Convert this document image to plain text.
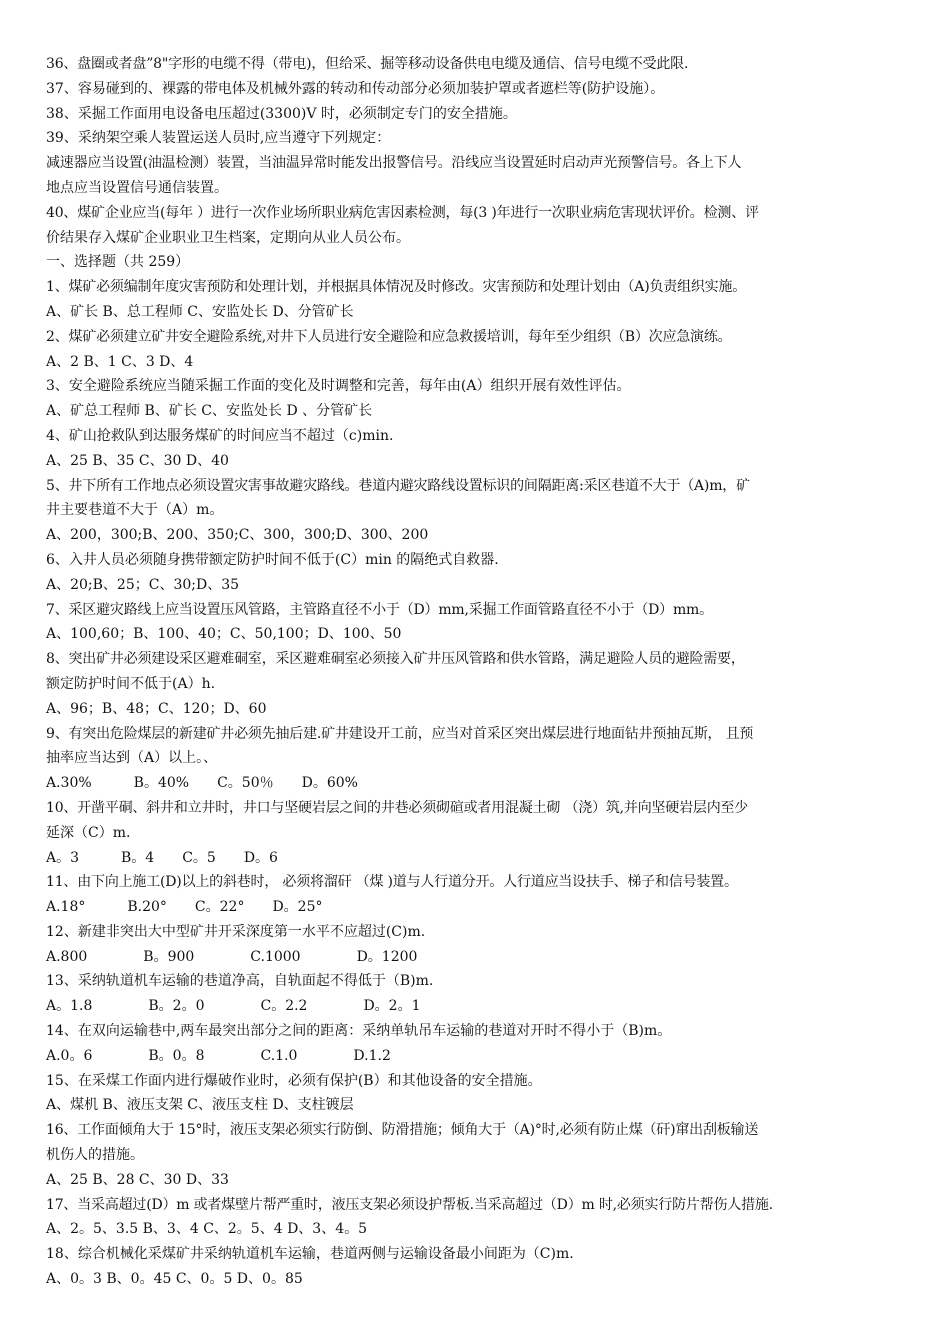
36、盘圈或者盘”8"字形的电缆不得（带电)，但给采、掘等移动设备供电电缆及通信、信号电缆不受此限.
37、容易碰到的、裸露的带电体及机械外露的转动和传动部分必须加装护罩或者遮栏等(防护设施）。
38、采掘工作面用电设备电压超过(3300)V 时，必须制定专门的安全措施。
39、采纳架空乘人装置运送人员时,应当遵守下列规定：
减速器应当设置(油温检测）装置，当油温异常时能发出报警信号。沿线应当设置延时启动声光预警信号。各上下人
地点应当设置信号通信装置。
40、煤矿企业应当(每年 ）进行一次作业场所职业病危害因素检测，每(3 )年进行一次职业病危害现状评价。检测、评
价结果存入煤矿企业职业卫生档案，定期向从业人员公布。
一、选择题（共 259）
1、煤矿必须编制年度灾害预防和处理计划，并根据具体情况及时修改。灾害预防和处理计划由（A)负责组织实施。
A、矿长 B、总工程师 C、安监处长 D、分管矿长
2、煤矿必须建立矿井安全避险系统,对井下人员进行安全避险和应急救援培训，每年至少组织（B）次应急演练。
A、2 B、1 C、3 D、4
3、安全避险系统应当随采掘工作面的变化及时调整和完善，每年由(A）组织开展有效性评估。
A、矿总工程师 B、矿长 C、安监处长 D 、分管矿长
4、矿山抢救队到达服务煤矿的时间应当不超过（c)min.
A、25 B、35 C、30 D、40
5、井下所有工作地点必须设置灾害事故避灾路线。巷道内避灾路线设置标识的间隔距离:采区巷道不大于（A)m，矿
井主要巷道不大于（A）m。
A、200，300;B、200、350;C、300，300;D、300、200
6、入井人员必须随身携带额定防护时间不低于(C）min 的隔绝式自救器.
A、20;B、25；C、30;D、35
7、采区避灾路线上应当设置压风管路，主管路直径不小于（D）mm,采掘工作面管路直径不小于（D）mm。
A、100,60；B、100、40；C、50,100；D、100、50
8、突出矿井必须建设采区避难硐室，采区避难硐室必须接入矿井压风管路和供水管路，满足避险人员的避险需要，
额定防护时间不低于(A）h.
A、96；B、48；C、120；D、60
9、有突出危险煤层的新建矿井必须先抽后建.矿井建设开工前，应当对首采区突出煤层进行地面钻井预抽瓦斯， 且预
抽率应当达到（A）以上。、
A.30%　　　B。40%　　C。50％　　D。60%
10、开凿平硐、斜井和立井时，井口与坚硬岩层之间的井巷必须砌碹或者用混凝土砌 （浇）筑,并向坚硬岩层内至少
延深（C）m.
A。3　　　B。4　　C。5　　D。6
11、由下向上施工(D)以上的斜巷时， 必须将溜矸 （煤 )道与人行道分开。人行道应当设扶手、梯子和信号装置。
A.18°　　　B.20°　　C。22°　　D。25°
12、新建非突出大中型矿井开采深度第一水平不应超过(C)m.
A.800　　　　B。900　　　　C.1000　　　　D。1200
13、采纳轨道机车运输的巷道净高，自轨面起不得低于（B)m.
A。1.8　　　　B。2。0　　　　C。2.2　　　　D。2。1
14、在双向运输巷中,两车最突出部分之间的距离：采纳单轨吊车运输的巷道对开时不得小于（B)m。
A.0。6　　　　B。0。8　　　　C.1.0　　　　D.1.2
15、在采煤工作面内进行爆破作业时，必须有保护(B）和其他设备的安全措施。
A、煤机 B、液压支架 C、液压支柱 D、支柱镀层
16、工作面倾角大于 15°时，液压支架必须实行防倒、防滑措施；倾角大于（A)°时,必须有防止煤（矸)窜出刮板输送
机伤人的措施。
A、25 B、28 C、30 D、33
17、当采高超过(D）m 或者煤壁片帮严重时，液压支架必须设护帮板.当采高超过（D）m 时,必须实行防片帮伤人措施.
A、2。5、3.5 B、3、4 C、2。5、4 D、3、4。5
18、综合机械化采煤矿井采纳轨道机车运输，巷道两侧与运输设备最小间距为（C)m.
A、0。3 B、0。45 C、0。5 D、0。85
